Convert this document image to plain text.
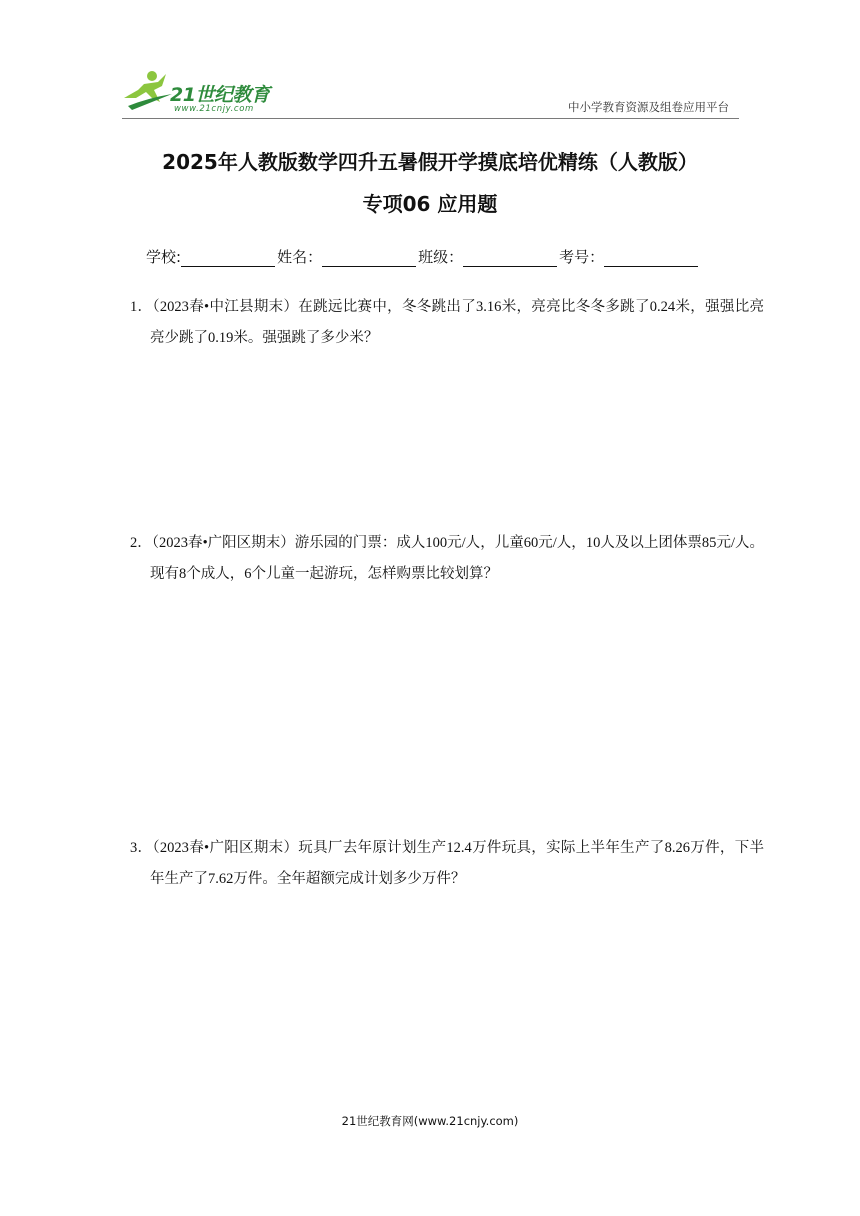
21世纪教育
www.21cnjy.com	中小学教育资源及组卷应用平台
2025年人教版数学四升五暑假开学摸底培优精练（人教版）
专项06 应用题
学校:	姓名：	班级：	考号：
1．（2023春•中江县期末）在跳远比赛中，冬冬跳出了3.16米，亮亮比冬冬多跳了0.24米，强强比亮亮少跳了0.19米。强强跳了多少米？
2．（2023春•广阳区期末）游乐园的门票：成人100元/人，儿童60元/人，10人及以上团体票85元/人。现有8个成人，6个儿童一起游玩，怎样购票比较划算？
3．（2023春•广阳区期末）玩具厂去年原计划生产12.4万件玩具，实际上半年生产了8.26万件，下半年生产了7.62万件。全年超额完成计划多少万件？
21世纪教育网(www.21cnjy.com)
